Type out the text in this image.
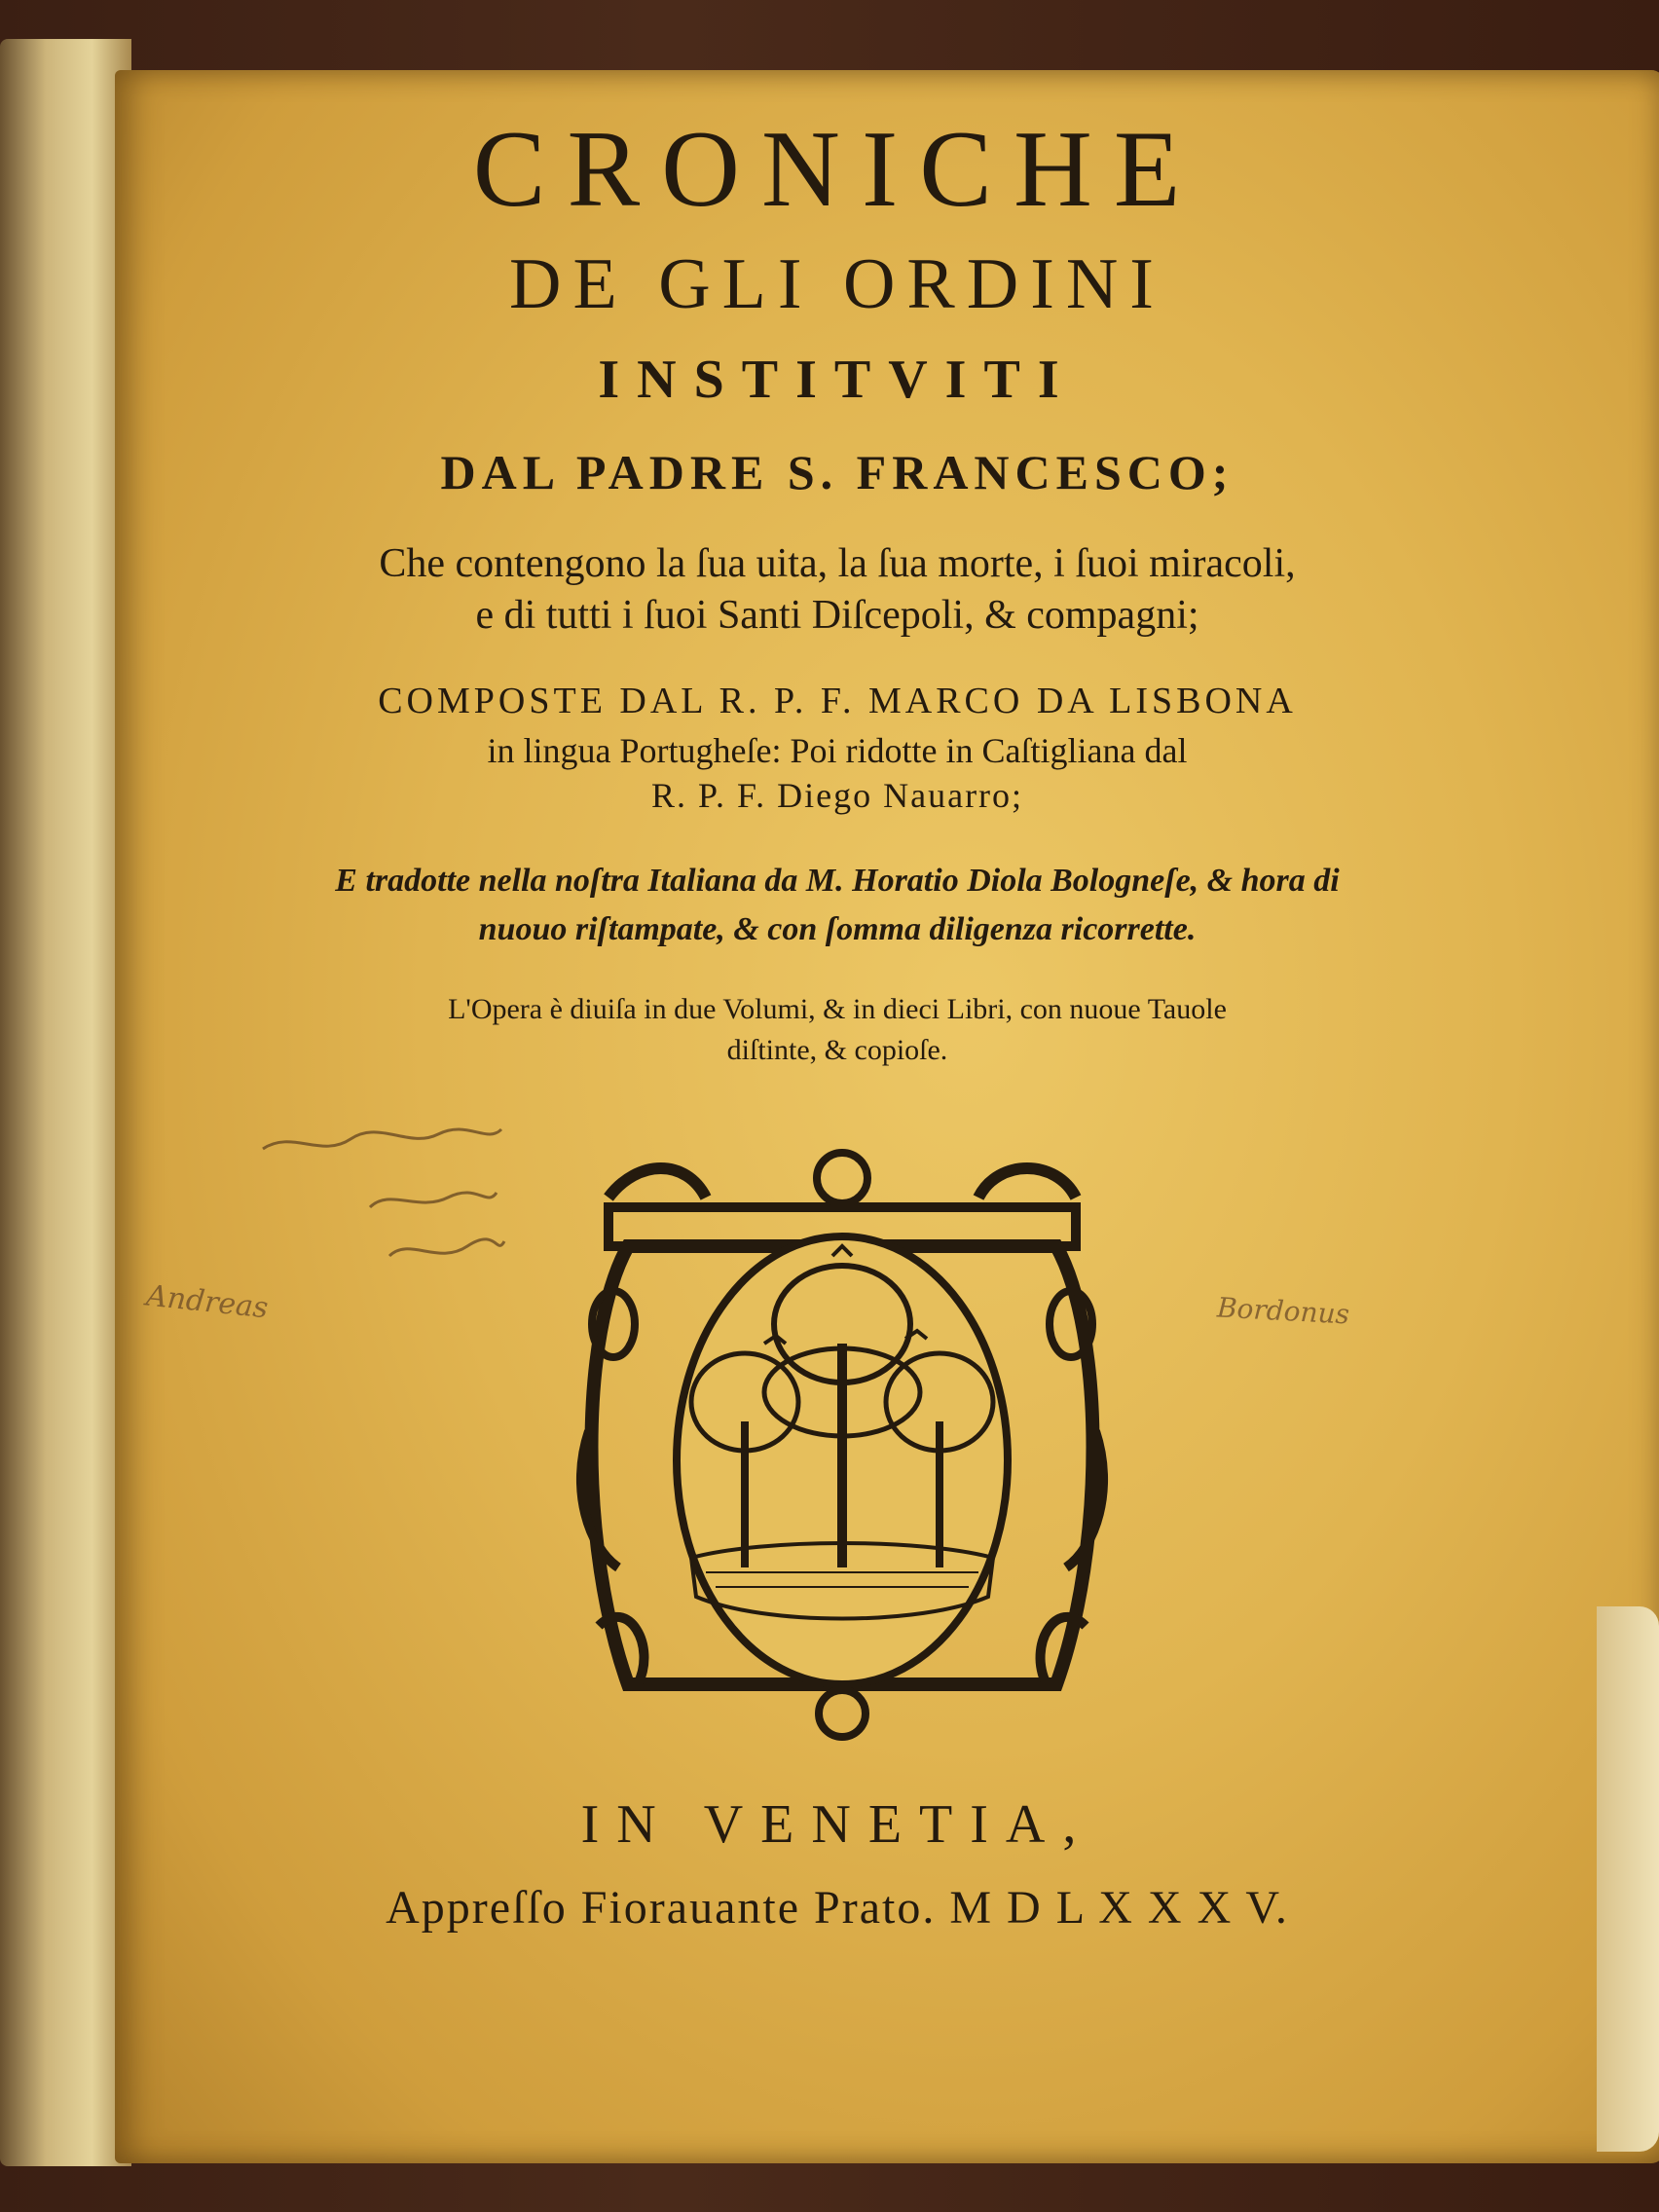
CRONICHE
DE GLI ORDINI
INSTITVITI
DAL PADRE S. FRANCESCO;
Che contengono la ſua uita, la ſua morte, i ſuoi miracoli,
e di tutti i ſuoi Santi Diſcepoli, & compagni;
COMPOSTE DAL R. P. F. MARCO DA LISBONA
in lingua Portugheſe: Poi ridotte in Caſtigliana dal
R. P. F. Diego Nauarro;
E tradotte nella noſtra Italiana da M. Horatio Diola Bologneſe, & hora di
nuouo riſtampate, & con ſomma diligenza ricorrette.
L'Opera è diuiſa in due Volumi, & in dieci Libri, con nuoue Tauole
diſtinte, & copioſe.
Andreas	Bordonus
IN VENETIA,
Appreſſo Fiorauante Prato. M D L X X X V.
